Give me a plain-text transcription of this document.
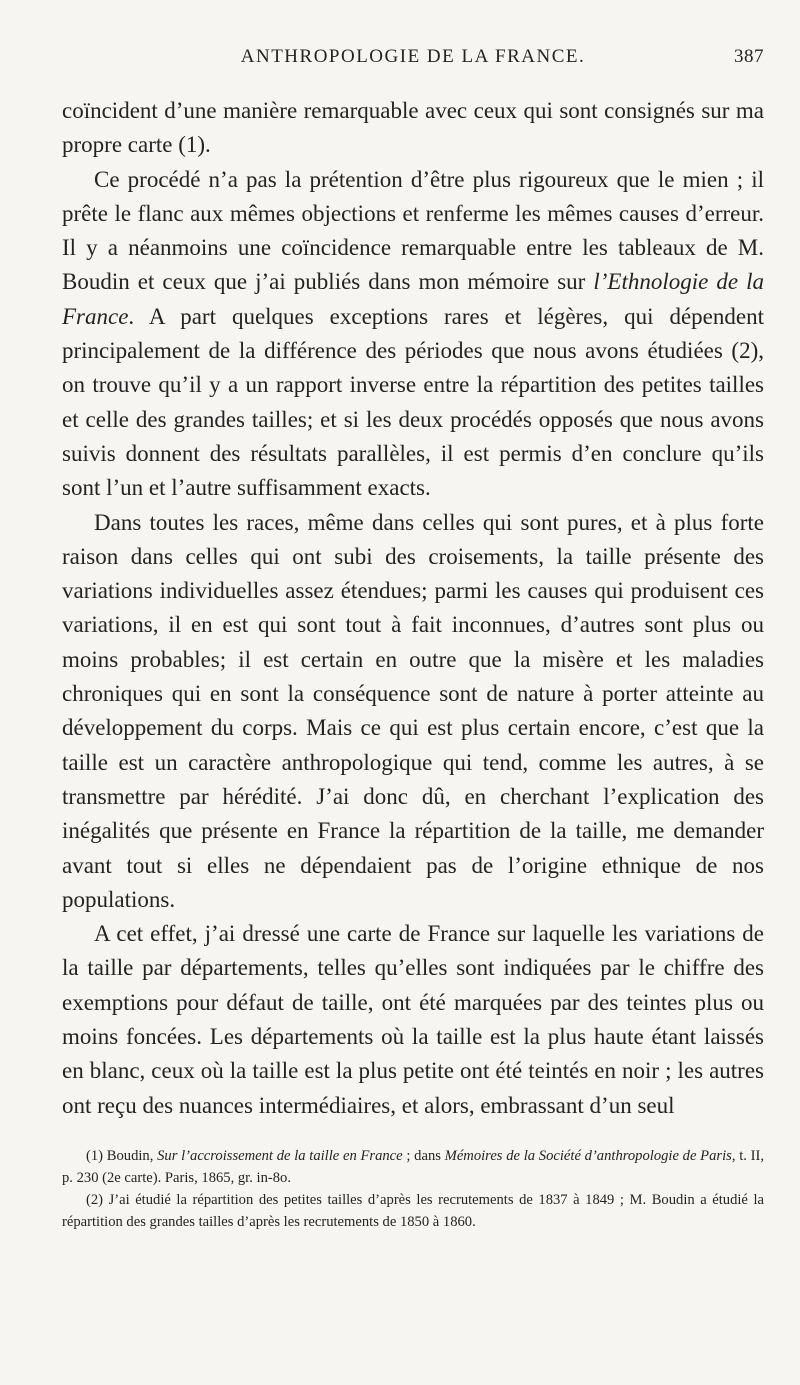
ANTHROPOLOGIE DE LA FRANCE.	387

coïncident d’une manière remarquable avec ceux qui sont consignés sur ma propre carte (1).

Ce procédé n’a pas la prétention d’être plus rigoureux que le mien ; il prête le flanc aux mêmes objections et renferme les mêmes causes d’erreur. Il y a néanmoins une coïncidence remarquable entre les tableaux de M. Boudin et ceux que j’ai publiés dans mon mémoire sur l’Ethnologie de la France. A part quelques exceptions rares et légères, qui dépendent principalement de la différence des périodes que nous avons étudiées (2), on trouve qu’il y a un rapport inverse entre la répartition des petites tailles et celle des grandes tailles; et si les deux procédés opposés que nous avons suivis donnent des résultats parallèles, il est permis d’en conclure qu’ils sont l’un et l’autre suffisamment exacts.

Dans toutes les races, même dans celles qui sont pures, et à plus forte raison dans celles qui ont subi des croisements, la taille présente des variations individuelles assez étendues; parmi les causes qui produisent ces variations, il en est qui sont tout à fait inconnues, d’autres sont plus ou moins probables; il est certain en outre que la misère et les maladies chroniques qui en sont la conséquence sont de nature à porter atteinte au développement du corps. Mais ce qui est plus certain encore, c’est que la taille est un caractère anthropologique qui tend, comme les autres, à se transmettre par hérédité. J’ai donc dû, en cherchant l’explication des inégalités que présente en France la répartition de la taille, me demander avant tout si elles ne dépendaient pas de l’origine ethnique de nos populations.

A cet effet, j’ai dressé une carte de France sur laquelle les variations de la taille par départements, telles qu’elles sont indiquées par le chiffre des exemptions pour défaut de taille, ont été marquées par des teintes plus ou moins foncées. Les départements où la taille est la plus haute étant laissés en blanc, ceux où la taille est la plus petite ont été teintés en noir ; les autres ont reçu des nuances intermédiaires, et alors, embrassant d’un seul

(1) Boudin, Sur l’accroissement de la taille en France ; dans Mémoires de la Société d’anthropologie de Paris, t. II, p. 230 (2e carte). Paris, 1865, gr. in-8o.

(2) J’ai étudié la répartition des petites tailles d’après les recrutements de 1837 à 1849 ; M. Boudin a étudié la répartition des grandes tailles d’après les recrutements de 1850 à 1860.
